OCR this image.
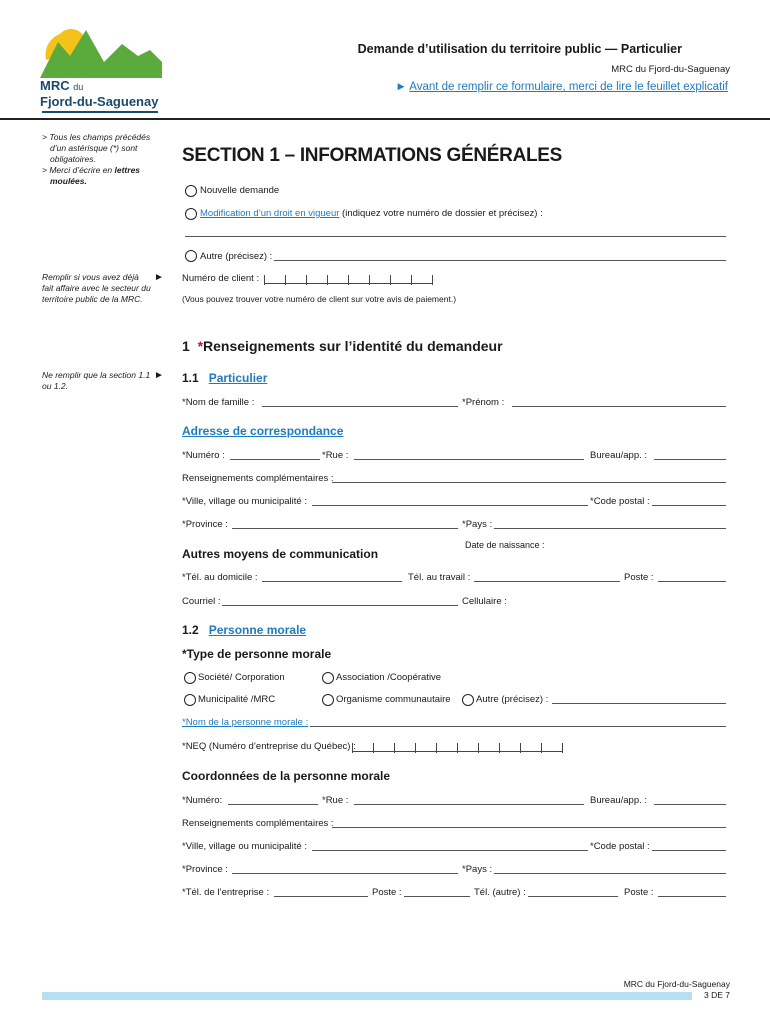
MRC du
Fjord-du-Saguenay
Demande d’utilisation du territoire public — Particulier
MRC du Fjord-du-Saguenay
► Avant de remplir ce formulaire, merci de lire le feuillet explicatif
> Tous les champs précédés
d’un astérisque (*) sont
obligatoires.
> Merci d’écrire en lettres
moulées.
Remplir si vous avez déjà
fait affaire avec le secteur du
territoire public de la MRC.
►
Ne remplir que la section 1.1
ou 1.2.
►
SECTION 1 – INFORMATIONS GÉNÉRALES
Nouvelle demande
Modification d’un droit en vigueur (indiquez votre numéro de dossier et précisez) :
Autre (précisez) :
Numéro de client :
(Vous pouvez trouver votre numéro de client sur votre avis de paiement.)
1 *Renseignements sur l’identité du demandeur
1.1 Particulier
*Nom de famille :	*Prénom :
Adresse de correspondance
*Numéro :	*Rue :	Bureau/app. :
Renseignements complémentaires :
*Ville, village ou municipalité :	*Code postal :
*Province :	*Pays :
Date de naissance :
Autres moyens de communication
*Tél. au domicile :	Tél. au travail :	Poste :
Courriel :	Cellulaire :
1.2 Personne morale
*Type de personne morale
Société/ Corporation	Association /Coopérative
Municipalité /MRC	Organisme communautaire	Autre (précisez) :
*Nom de la personne morale :
*NEQ (Numéro d’entreprise du Québec) :
Coordonnées de la personne morale
*Numéro:	*Rue :	Bureau/app. :
Renseignements complémentaires :
*Ville, village ou municipalité :	*Code postal :
*Province :	*Pays :
*Tél. de l’entreprise :	Poste :	Tél. (autre) :	Poste :
MRC du Fjord-du-Saguenay
3 DE 7
